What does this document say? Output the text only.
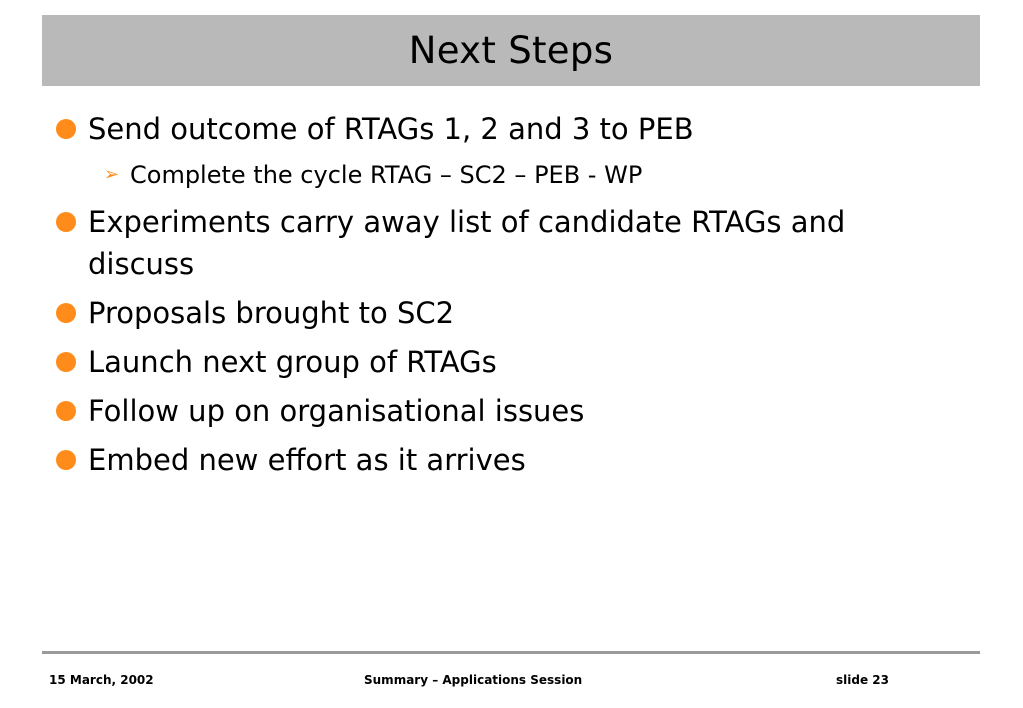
Next Steps
Send outcome of RTAGs 1, 2 and 3 to PEB
➢ Complete the cycle RTAG – SC2 – PEB - WP
Experiments carry away list of candidate RTAGs and discuss
Proposals brought to SC2
Launch next group of RTAGs
Follow up on organisational issues
Embed new effort as it arrives
15 March, 2002	Summary – Applications Session	slide 23
